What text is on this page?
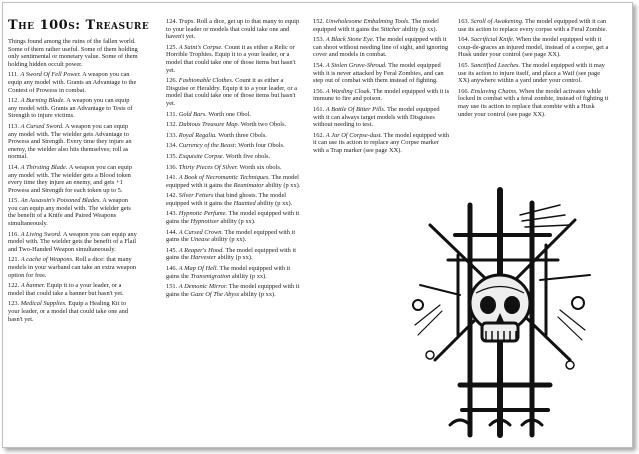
The 100s: Treasure

Things found among the ruins of the fallen world. Some of them rather useful. Some of them holding only sentimental or monetary value. Some of them holding hidden occult power.

111. A Sword Of Fell Power. A weapon you can equip any model with. Grants an Advantage to the Contest of Prowess in combat.

112. A Burning Blade. A weapon you can equip any model with. Grants an Advantage to Tests of Strength to injure victims.

113. A Cursed Sword. A weapon you can equip any model with. The wielder gets Advantage to Prowess and Strength. Every time they injure an enemy, the wielder also hits themselves; roll as normal.

114. A Thirsting Blade. A weapon you can equip any model with. The wielder gets a Blood token every time they injure an enemy, and gets +1 Prowess and Strength for each token up to 5.

115. An Assassin's Poisoned Blades. A weapon you can equip any model with. The wielder gets the benefit of a Knife and Paired Weapons simultaneously.

116. A Living Sword. A weapon you can equip any model with. The wielder gets the benefit of a Flail and Two-Handed Weapon simultaneously.

121. A cache of Weapons. Roll a dice: that many models in your warband can take an extra weapon option for free.

122. A banner. Equip it to a your leader, or a model that could take a banner but hasn't yet.

123. Medical Supplies. Equip a Healing Kit to your leader, or a model that could take one and hasn't yet.

124. Traps. Roll a dice, get up to that many to equip to your leader or models that could take one and haven't yet.

125. A Saint's Corpse. Count it as either a Relic or Horrible Trophies. Equip it to a your leader, or a model that could take one of those items but hasn't yet.

126. Fashionable Clothes. Count it as either a Disguise or Heraldry. Equip it to a your leader, or a model that could take one of those items but hasn't yet.

131. Gold Bars. Worth one Obol.

132. Dubious Treasure Map. Worth two Obols.

133. Royal Regalia. Worth three Obols.

134. Currency of the Beast: Worth four Obols.

135. Exquisite Corpse. Worth five obols.

136. Thirty Pieces Of Silver. Worth six obols.

141. A Book of Necromantic Techniques. The model equipped with it gains the Reanimator ability (p xx).

142. Silver Fetters that bind ghosts. The model equipped with it gains the Haunted ability (p xx).

143. Hypnotic Perfume. The model equipped with it gains the Hypnotiser ability (p xx).

144. A Cursed Crown. The model equipped with it gains the Unease ability (p xx).

145. A Reaper's Hood. The model equipped with it gains the Harvester ability (p xx).

146. A Map Of Hell. The model equipped with it gains the Transmigration ability (p xx).

151. A Demonic Mirror. The model equipped with it gains the Gaze Of The Abyss ability (p xx).

152. Unwholesome Embalming Tools. The model equipped with it gains the Stitcher ability (p xx).

153. A Black Stone Eye. The model equipped with it can shoot without needing line of sight, and ignoring cover and models in combat.

154. A Stolen Grave-Shroud. The model equipped with it is never attacked by Feral Zombies, and can step out of combat with them instead of fighting.

156. A Warding Cloak. The model equipped with it is immune to fire and poison.

161. A Bottle Of Bitter Pills. The model equipped with it can always target models with Disguises without needing to test.

162. A Jar Of Corpse-dust. The model equipped with it can use its action to replace any Corpse marker with a Trap marker (see page XX).

163. Scroll of Awakening. The model equipped with it can use its action to replace every corpse with a Feral Zombie.

164. Sacrificial Knife. When the model equipped with it coup-de-graces an injured model, instead of a corpse, get a Husk under your control (see page XX).

165. Sanctified Leeches. The model equipped with it may use its action to injure itself, and place a Waif (see page XX) anywhere within a yard under your control.

166. Enslaving Chains. When the model activates while locked in combat with a feral zombie, instead of fighting it may use its action to replace that zombie with a Husk under your control (see page XX).
